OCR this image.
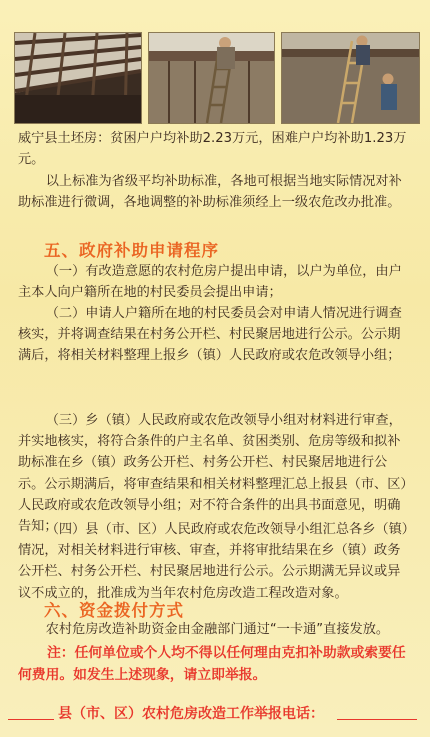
威宁县土坯房：贫困户户均补助2.23万元，困难户户均补助1.23万元。
以上标准为省级平均补助标准，各地可根据当地实际情况对补助标准进行微调，各地调整的补助标准须经上一级农危改办批准。
五、政府补助申请程序
（一）有改造意愿的农村危房户提出申请，以户为单位，由户主本人向户籍所在地的村民委员会提出申请；
（二）申请人户籍所在地的村民委员会对申请人情况进行调查核实，并将调查结果在村务公开栏、村民聚居地进行公示。公示期满后，将相关材料整理上报乡（镇）人民政府或农危改领导小组；
（三）乡（镇）人民政府或农危改领导小组对材料进行审查，并实地核实，将符合条件的户主名单、贫困类别、危房等级和拟补助标准在乡（镇）政务公开栏、村务公开栏、村民聚居地进行公示。公示期满后，将审查结果和相关材料整理汇总上报县（市、区）人民政府或农危改领导小组；对不符合条件的出具书面意见，明确告知；
（四）县（市、区）人民政府或农危改领导小组汇总各乡（镇）情况，对相关材料进行审核、审查，并将审批结果在乡（镇）政务公开栏、村务公开栏、村民聚居地进行公示。公示期满无异议或异议不成立的，批准成为当年农村危房改造工程改造对象。
六、资金拨付方式
农村危房改造补助资金由金融部门通过“一卡通”直接发放。
注：任何单位或个人均不得以任何理由克扣补助款或索要任何费用。如发生上述现象，请立即举报。
县（市、区）农村危房改造工作举报电话：
